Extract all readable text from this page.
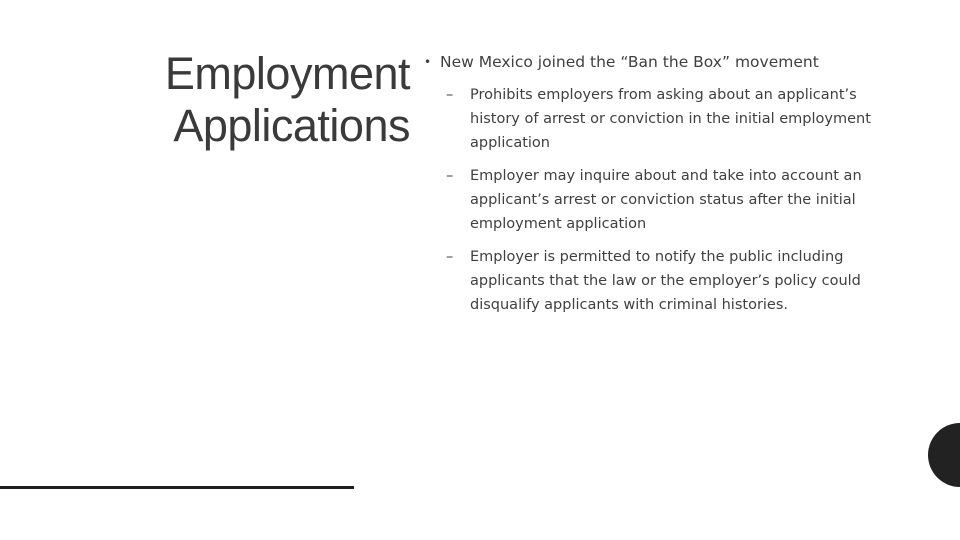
Employment
Applications
• New Mexico joined the “Ban the Box” movement
– Prohibits employers from asking about an applicant’s history of arrest or conviction in the initial employment application
– Employer may inquire about and take into account an applicant’s arrest or conviction status after the initial employment application
– Employer is permitted to notify the public including applicants that the law or the employer’s policy could disqualify applicants with criminal histories.
